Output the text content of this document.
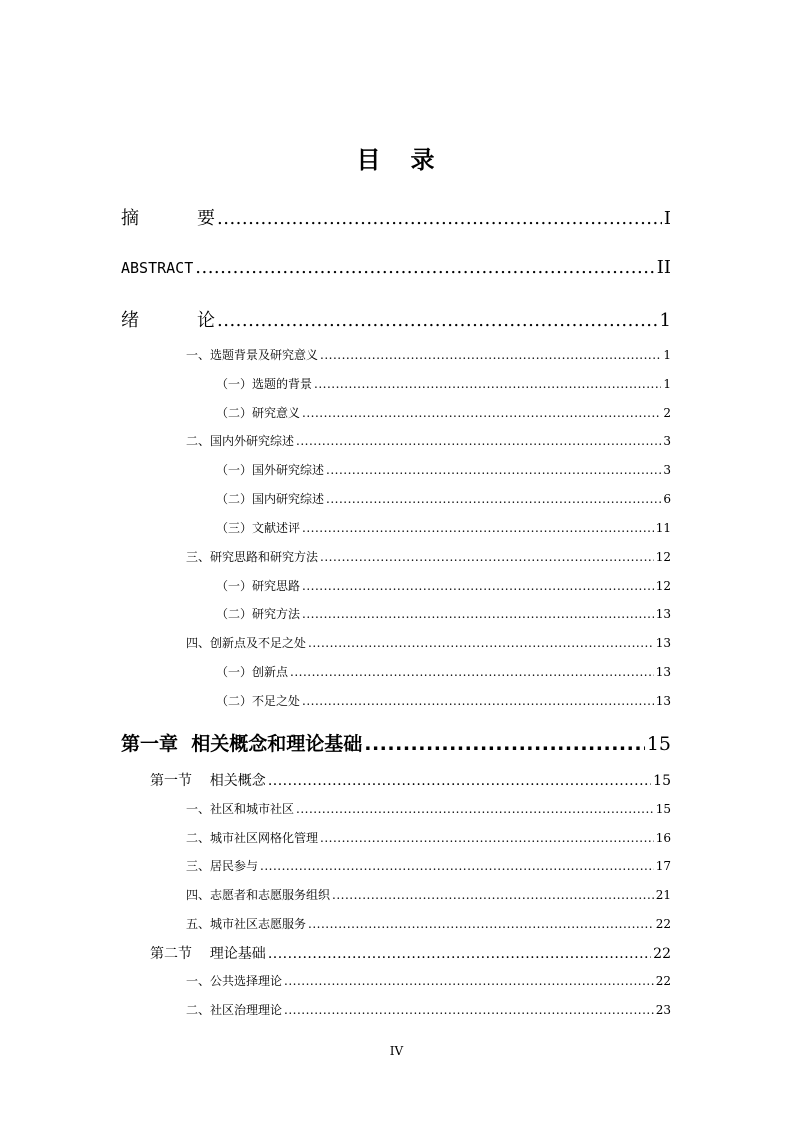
目 录
摘	要 .....	I
ABSTRACT .....	II
绪	论 .....	1
一、选题背景及研究意义 .....	1
（一）选题的背景 .....	1
（二）研究意义 .....	2
二、国内外研究综述 .....	3
（一）国外研究综述 .....	3
（二）国内研究综述 .....	6
（三）文献述评 .....	11
三、研究思路和研究方法 .....	12
（一）研究思路 .....	12
（二）研究方法 .....	13
四、创新点及不足之处 .....	13
（一）创新点 .....	13
（二）不足之处 .....	13
第一章  相关概念和理论基础 .....	15
第一节    相关概念 .....	15
一、社区和城市社区 .....	15
二、城市社区网格化管理 .....	16
三、居民参与 .....	17
四、志愿者和志愿服务组织 .....	21
五、城市社区志愿服务 .....	22
第二节    理论基础 .....	22
一、公共选择理论 .....	22
二、社区治理理论 .....	23
IV
